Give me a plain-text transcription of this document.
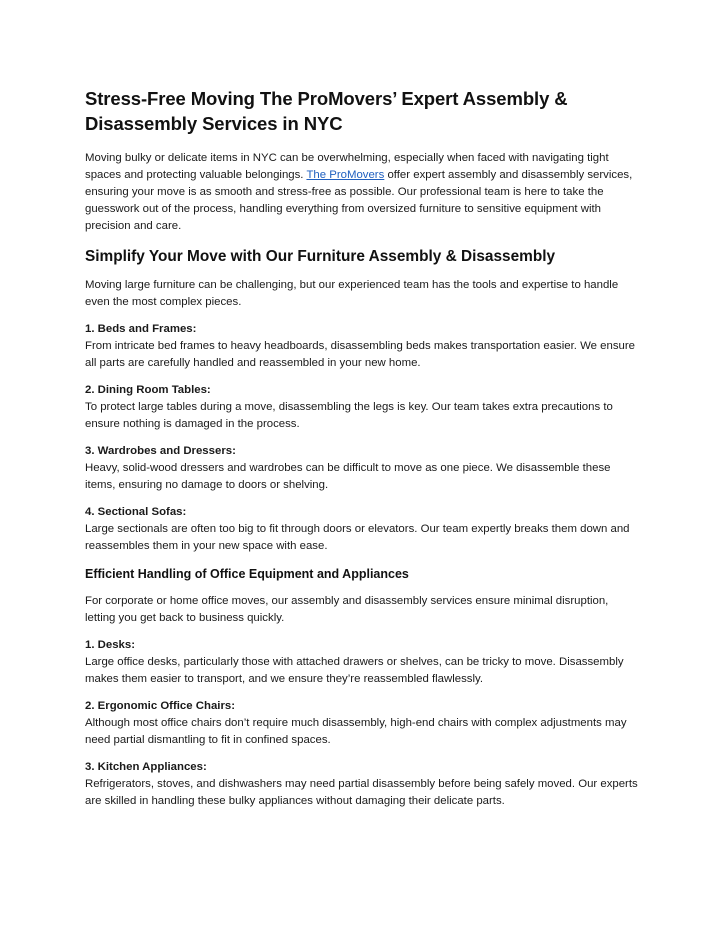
Stress-Free Moving The ProMovers’ Expert Assembly & Disassembly Services in NYC

Moving bulky or delicate items in NYC can be overwhelming, especially when faced with navigating tight spaces and protecting valuable belongings. The ProMovers offer expert assembly and disassembly services, ensuring your move is as smooth and stress-free as possible. Our professional team is here to take the guesswork out of the process, handling everything from oversized furniture to sensitive equipment with precision and care.

Simplify Your Move with Our Furniture Assembly & Disassembly

Moving large furniture can be challenging, but our experienced team has the tools and expertise to handle even the most complex pieces.

1. Beds and Frames:
From intricate bed frames to heavy headboards, disassembling beds makes transportation easier. We ensure all parts are carefully handled and reassembled in your new home.
2. Dining Room Tables:
To protect large tables during a move, disassembling the legs is key. Our team takes extra precautions to ensure nothing is damaged in the process.
3. Wardrobes and Dressers:
Heavy, solid-wood dressers and wardrobes can be difficult to move as one piece. We disassemble these items, ensuring no damage to doors or shelving.
4. Sectional Sofas:
Large sectionals are often too big to fit through doors or elevators. Our team expertly breaks them down and reassembles them in your new space with ease.
Efficient Handling of Office Equipment and Appliances

For corporate or home office moves, our assembly and disassembly services ensure minimal disruption, letting you get back to business quickly.

1. Desks:
Large office desks, particularly those with attached drawers or shelves, can be tricky to move. Disassembly makes them easier to transport, and we ensure they’re reassembled flawlessly.
2. Ergonomic Office Chairs:
Although most office chairs don’t require much disassembly, high-end chairs with complex adjustments may need partial dismantling to fit in confined spaces.
3. Kitchen Appliances:
Refrigerators, stoves, and dishwashers may need partial disassembly before being safely moved. Our experts are skilled in handling these bulky appliances without damaging their delicate parts.
